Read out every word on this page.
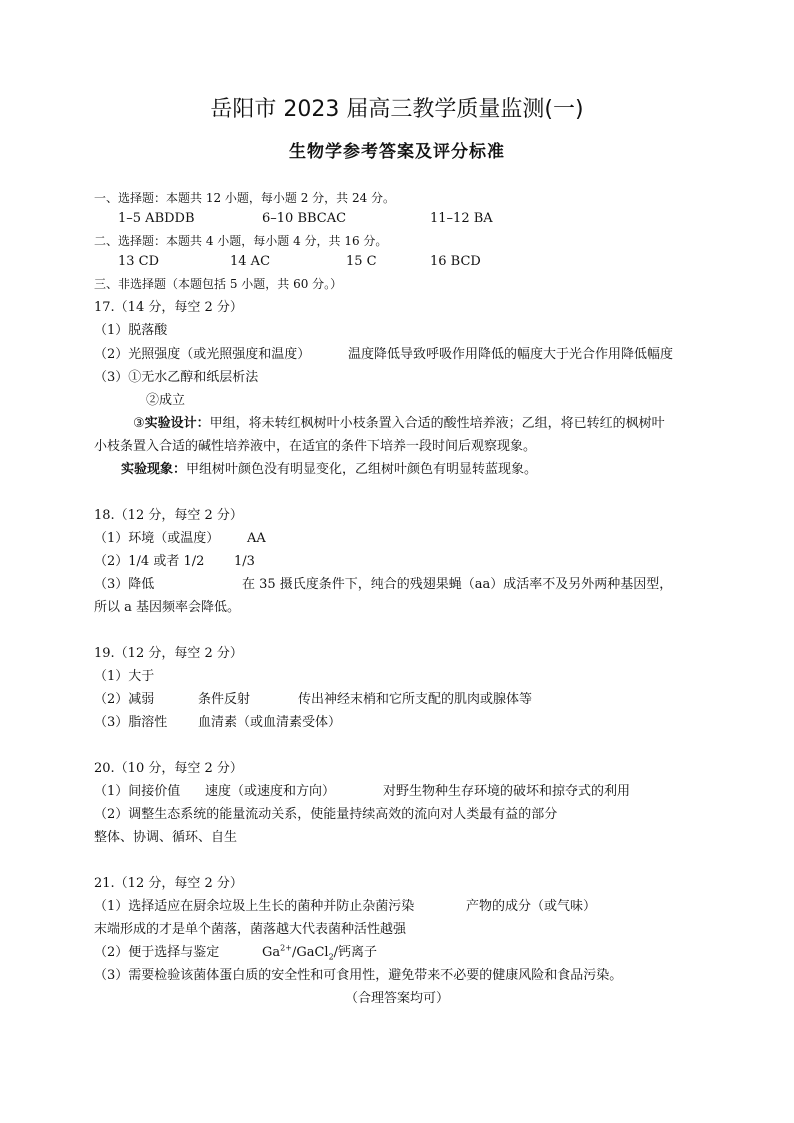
岳阳市 2023 届高三教学质量监测(一)
生物学参考答案及评分标准
一、选择题：本题共 12 小题，每小题 2 分，共 24 分。
1–5 ABDDB	6–10 BBCAC	11–12 BA
二、选择题：本题共 4 小题，每小题 4 分，共 16 分。
13 CD	14 AC	15 C	16 BCD
三、非选择题（本题包括 5 小题，共 60 分。）
17.（14 分，每空 2 分）
（1）脱落酸
（2）光照强度（或光照强度和温度）	温度降低导致呼吸作用降低的幅度大于光合作用降低幅度
（3）①无水乙醇和纸层析法
②成立
③实验设计：甲组，将未转红枫树叶小枝条置入合适的酸性培养液；乙组，将已转红的枫树叶
小枝条置入合适的碱性培养液中，在适宜的条件下培养一段时间后观察现象。
实验现象：甲组树叶颜色没有明显变化，乙组树叶颜色有明显转蓝现象。
18.（12 分，每空 2 分）
（1）环境（或温度） AA
（2）1/4 或者 1/2 1/3
（3）降低	在 35 摄氏度条件下，纯合的残翅果蝇（aa）成活率不及另外两种基因型，
所以 a 基因频率会降低。
19.（12 分，每空 2 分）
（1）大于
（2）减弱	条件反射	传出神经末梢和它所支配的肌肉或腺体等
（3）脂溶性 血清素（或血清素受体）
20.（10 分，每空 2 分）
（1）间接价值 速度（或速度和方向）	对野生物种生存环境的破坏和掠夺式的利用
（2）调整生态系统的能量流动关系，使能量持续高效的流向对人类最有益的部分
整体、协调、循环、自生
21.（12 分，每空 2 分）
（1）选择适应在厨余垃圾上生长的菌种并防止杂菌污染	产物的成分（或气味）
末端形成的才是单个菌落，菌落越大代表菌种活性越强
（2）便于选择与鉴定	$Ga^{2+}/GaCl_2/$钙离子
（3）需要检验该菌体蛋白质的安全性和可食用性，避免带来不必要的健康风险和食品污染。
（合理答案均可）
